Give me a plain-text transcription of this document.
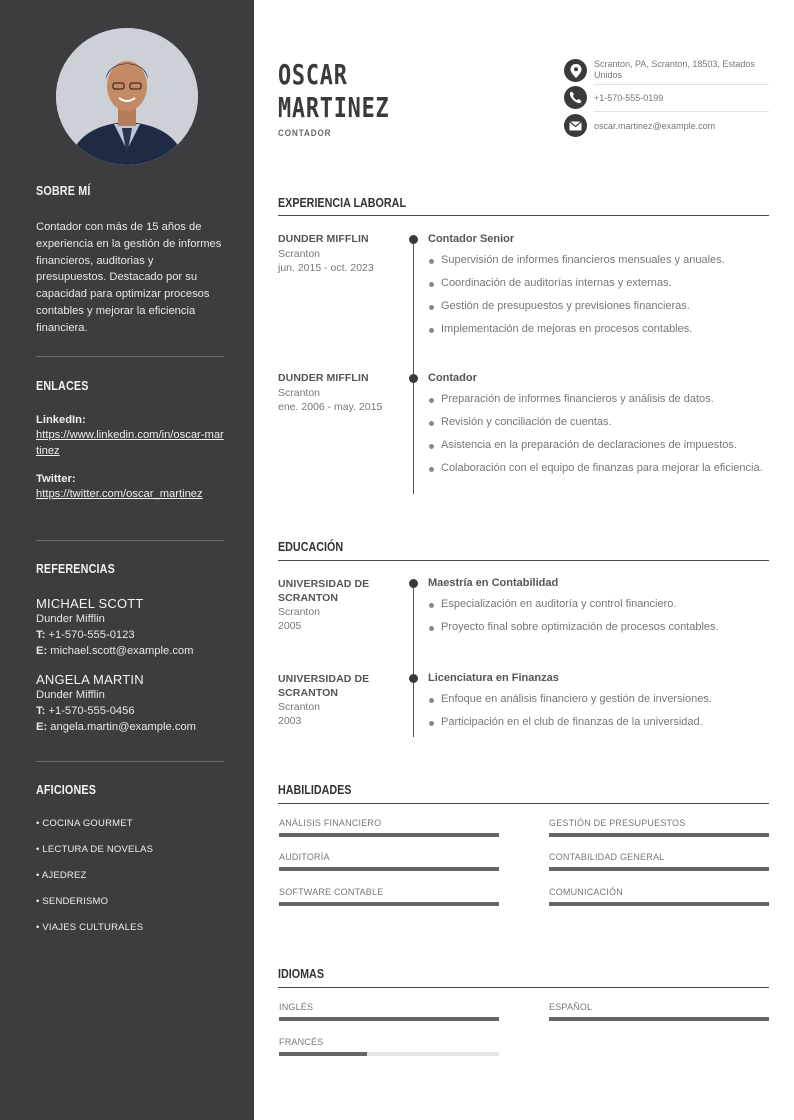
SOBRE MÍ
Contador con más de 15 años de experiencia en la gestión de informes financieros, auditorias y presupuestos. Destacado por su capacidad para optimizar procesos contables y mejorar la eficiencia financiera.
ENLACES
LinkedIn:
https://www.linkedin.com/in/oscar-martinez
Twitter:
https://twitter.com/oscar_martinez
REFERENCIAS
MICHAEL SCOTT
Dunder Mifflin
T: +1-570-555-0123
E: michael.scott@example.com
ANGELA MARTIN
Dunder Mifflin
T: +1-570-555-0456
E: angela.martin@example.com
AFICIONES
• COCINA GOURMET
• LECTURA DE NOVELAS
• AJEDREZ
• SENDERISMO
• VIAJES CULTURALES
OSCAR
MARTINEZ
CONTADOR
Scranton, PA, Scranton, 18503, Estados Unidos
+1-570-555-0199
oscar.martinez@example.com
EXPERIENCIA LABORAL
DUNDER MIFFLIN
Scranton
jun. 2015 - oct. 2023
Contador Senior
Supervisión de informes financieros mensuales y anuales.
Coordinación de auditorías internas y externas.
Gestión de presupuestos y previsiones financieras.
Implementación de mejoras en procesos contables.
DUNDER MIFFLIN
Scranton
ene. 2006 - may. 2015
Contador
Preparación de informes financieros y análisis de datos.
Revisión y conciliación de cuentas.
Asistencia en la preparación de declaraciones de impuestos.
Colaboración con el equipo de finanzas para mejorar la eficiencia.
EDUCACIÓN
UNIVERSIDAD DE SCRANTON
Scranton
2005
Maestría en Contabilidad
Especialización en auditoría y control financiero.
Proyecto final sobre optimización de procesos contables.
UNIVERSIDAD DE SCRANTON
Scranton
2003
Licenciatura en Finanzas
Enfoque en análisis financiero y gestión de inversiones.
Participación en el club de finanzas de la universidad.
HABILIDADES
ANÁLISIS FINANCIERO	GESTIÓN DE PRESUPUESTOS
AUDITORÍA	CONTABILIDAD GENERAL
SOFTWARE CONTABLE	COMUNICACIÓN
IDIOMAS
INGLÉS	ESPAÑOL
FRANCÉS
